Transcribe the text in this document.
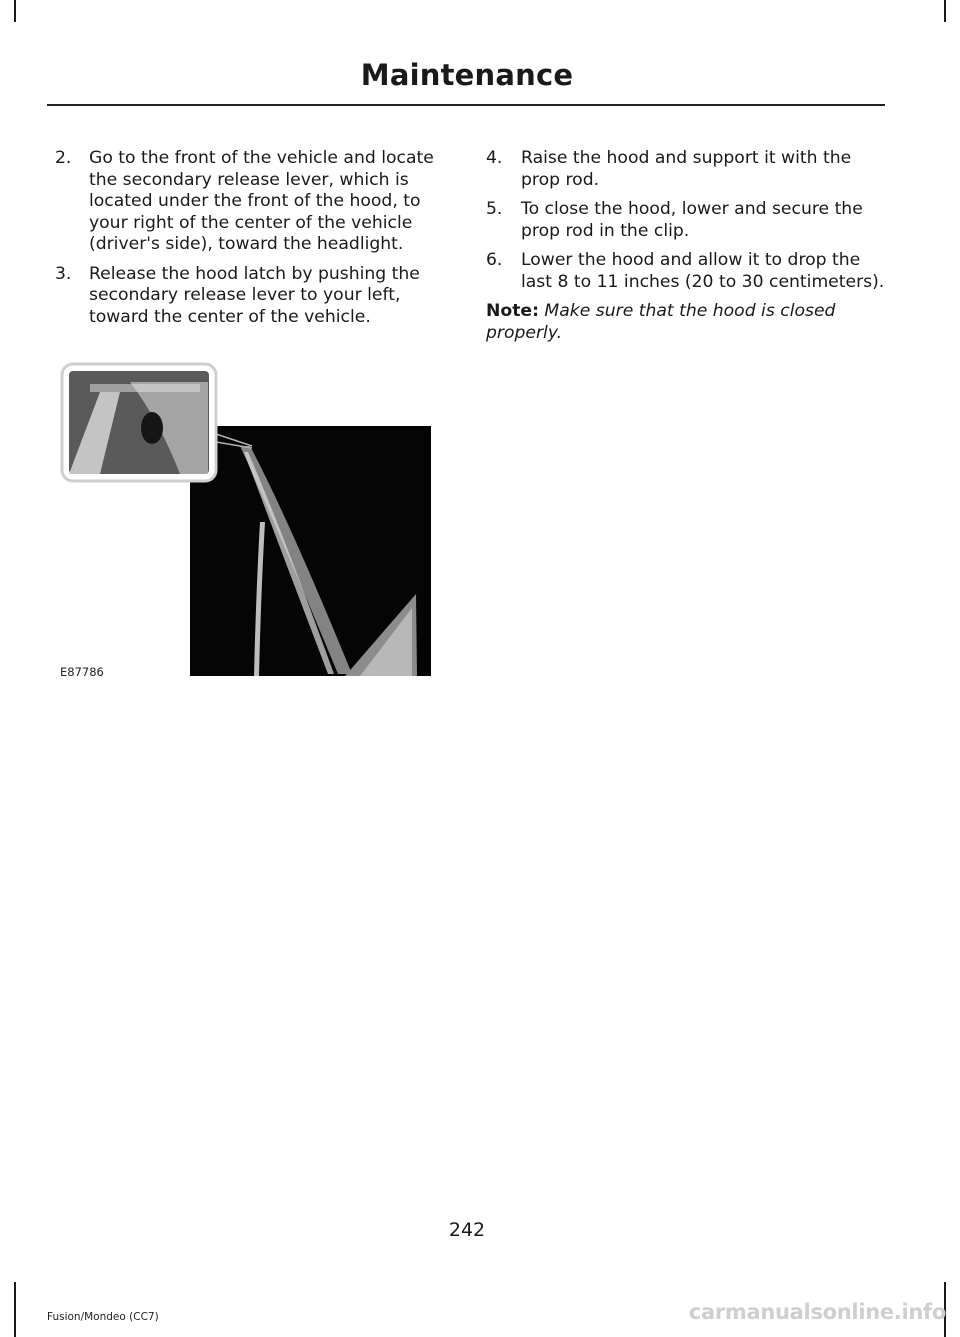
Maintenance
2. Go to the front of the vehicle and locate the secondary release lever, which is located under the front of the hood, to your right of the center of the vehicle (driver's side), toward the headlight.
3. Release the hood latch by pushing the secondary release lever to your left, toward the center of the vehicle.
4. Raise the hood and support it with the prop rod.
5. To close the hood, lower and secure the prop rod in the clip.
6. Lower the hood and allow it to drop the last 8 to 11 inches (20 to 30 centimeters).
Note: Make sure that the hood is closed properly.
E87786
242
Fusion/Mondeo (CC7)	carmanualsonline.info
